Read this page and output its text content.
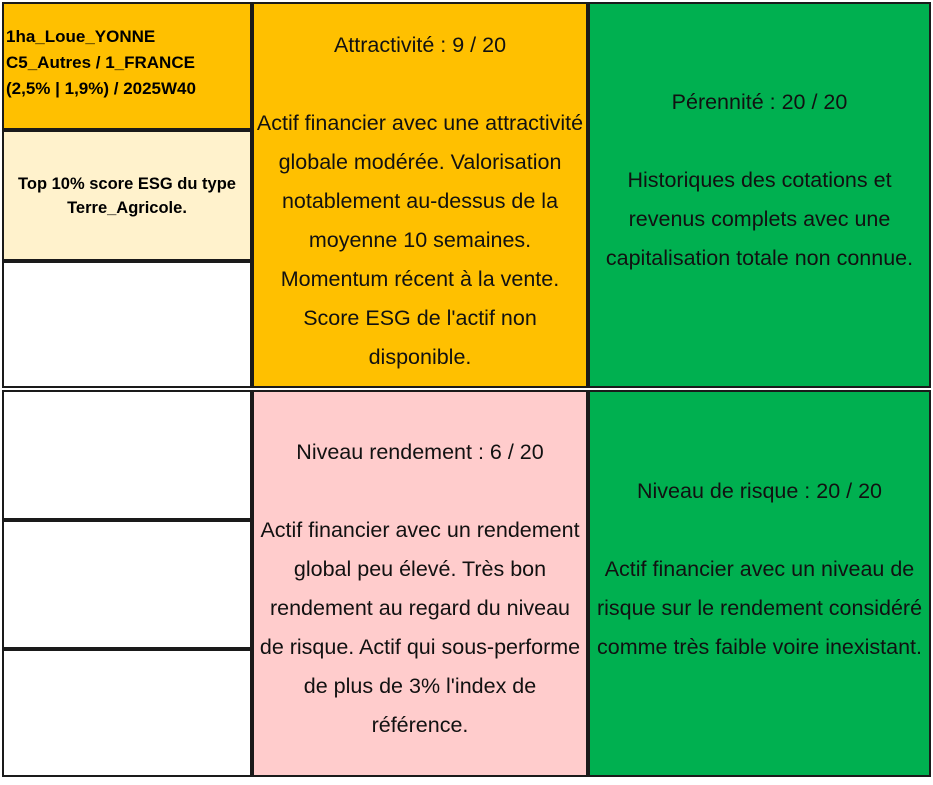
1ha_Loue_YONNE
C5_Autres / 1_FRANCE
(2,5% | 1,9%) / 2025W40
Top 10% score ESG du type Terre_Agricole.
Attractivité : 9 / 20
Actif financier avec une attractivité globale modérée. Valorisation notablement au-dessus de la moyenne 10 semaines. Momentum récent à la vente. Score ESG de l'actif non disponible.
Pérennité : 20 / 20
Historiques des cotations et revenus complets avec une capitalisation totale non connue.
Niveau rendement : 6 / 20
Actif financier avec un rendement global peu élevé. Très bon rendement au regard du niveau de risque. Actif qui sous-performe de plus de 3% l'index de référence.
Niveau de risque : 20 / 20
Actif financier avec un niveau de risque sur le rendement considéré comme très faible voire inexistant.
